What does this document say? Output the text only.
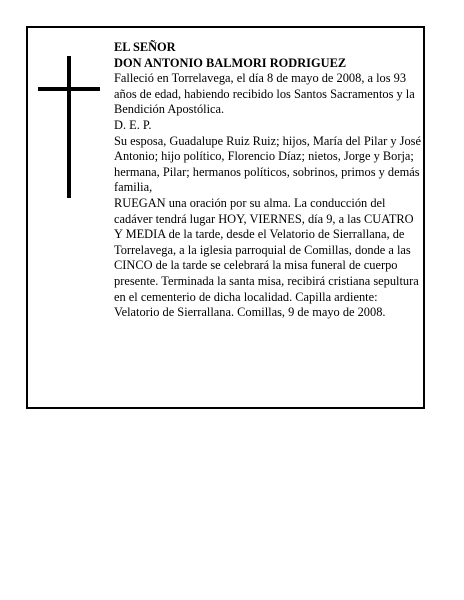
EL SEÑOR

DON ANTONIO BALMORI RODRIGUEZ

Falleció en Torrelavega, el día 8 de mayo de 2008, a los 93 años de edad, habiendo recibido los Santos Sacramentos y la Bendición Apostólica.

D. E. P.

Su esposa, Guadalupe Ruiz Ruiz; hijos, María del Pilar y José Antonio; hijo político, Florencio Díaz; nietos, Jorge y Borja; hermana, Pilar; hermanos políticos, sobrinos, primos y demás familia,

RUEGAN una oración por su alma. La conducción del cadáver tendrá lugar HOY, VIERNES, día 9, a las CUATRO Y MEDIA de la tarde, desde el Velatorio de Sierrallana, de Torrelavega, a la iglesia parroquial de Comillas, donde a las CINCO de la tarde se celebrará la misa funeral de cuerpo presente. Terminada la santa misa, recibirá cristiana sepultura en el cementerio de dicha localidad. Capilla ardiente: Velatorio de Sierrallana. Comillas, 9 de mayo de 2008.
